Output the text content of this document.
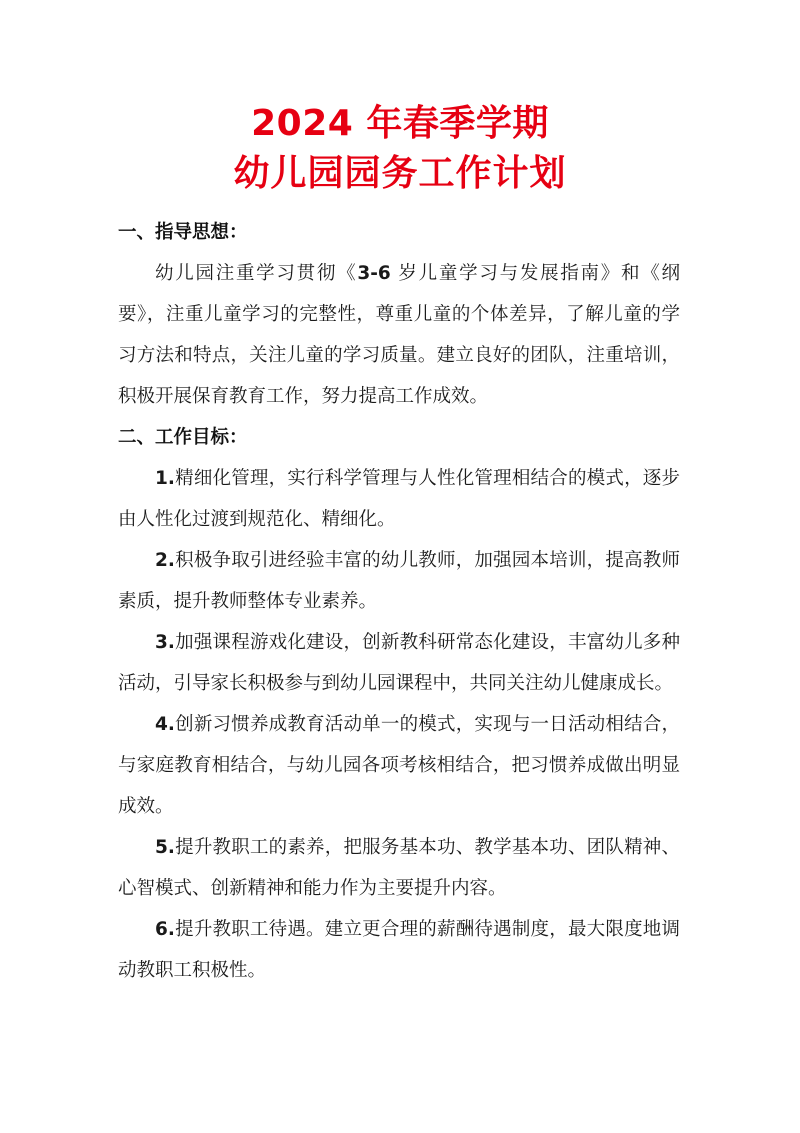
2024 年春季学期
幼儿园园务工作计划

一、指导思想：

幼儿园注重学习贯彻《3-6 岁儿童学习与发展指南》和《纲要》，注重儿童学习的完整性，尊重儿童的个体差异，了解儿童的学习方法和特点，关注儿童的学习质量。建立良好的团队，注重培训，积极开展保育教育工作，努力提高工作成效。

二、工作目标：

1.精细化管理，实行科学管理与人性化管理相结合的模式，逐步由人性化过渡到规范化、精细化。

2.积极争取引进经验丰富的幼儿教师，加强园本培训，提高教师素质，提升教师整体专业素养。

3.加强课程游戏化建设，创新教科研常态化建设，丰富幼儿多种活动，引导家长积极参与到幼儿园课程中，共同关注幼儿健康成长。

4.创新习惯养成教育活动单一的模式，实现与一日活动相结合，与家庭教育相结合，与幼儿园各项考核相结合，把习惯养成做出明显成效。

5.提升教职工的素养，把服务基本功、教学基本功、团队精神、心智模式、创新精神和能力作为主要提升内容。

6.提升教职工待遇。建立更合理的薪酬待遇制度，最大限度地调动教职工积极性。
